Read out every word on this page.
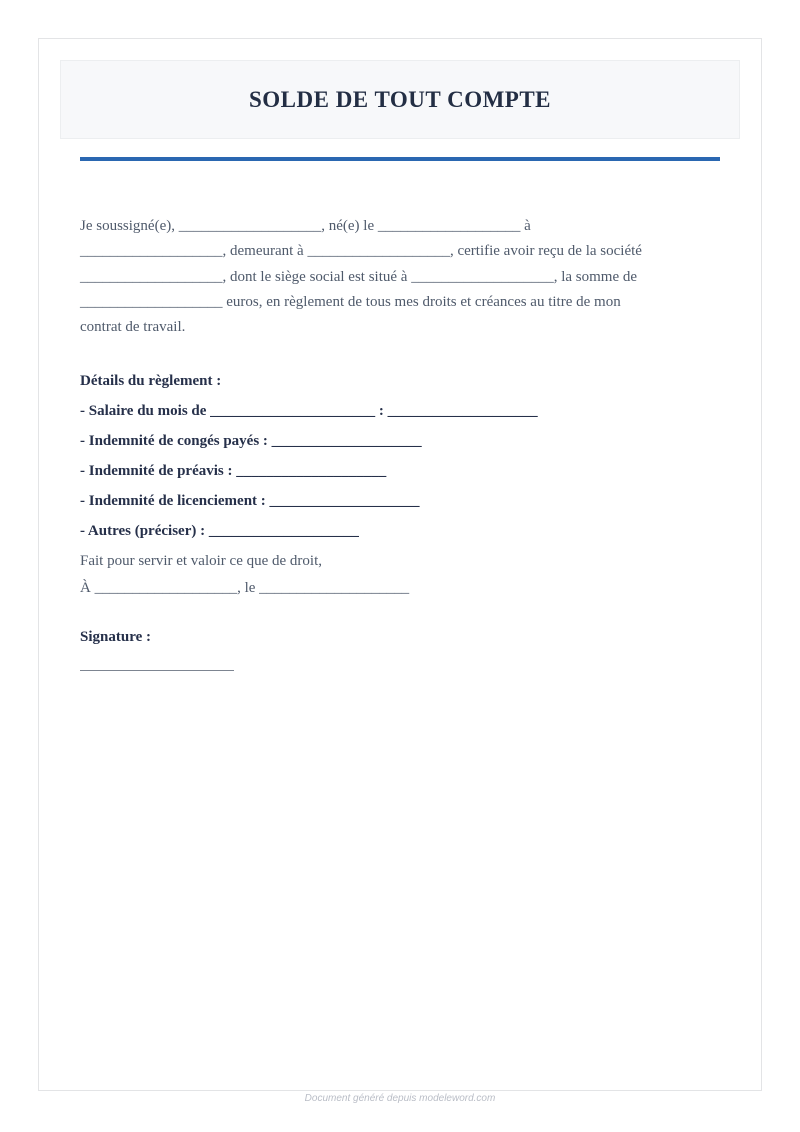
SOLDE DE TOUT COMPTE

Je soussigné(e), ___________________, né(e) le ___________________ à

___________________, demeurant à ___________________, certifie avoir reçu de la société

___________________, dont le siège social est situé à ___________________, la somme de

___________________ euros, en règlement de tous mes droits et créances au titre de mon

contrat de travail.

Détails du règlement :

- Salaire du mois de ______________________ : ____________________

- Indemnité de congés payés : ____________________

- Indemnité de préavis : ____________________

- Indemnité de licenciement : ____________________

- Autres (préciser) : ____________________

Fait pour servir et valoir ce que de droit,

À ___________________, le ____________________

Signature :

Document généré depuis modeleword.com
